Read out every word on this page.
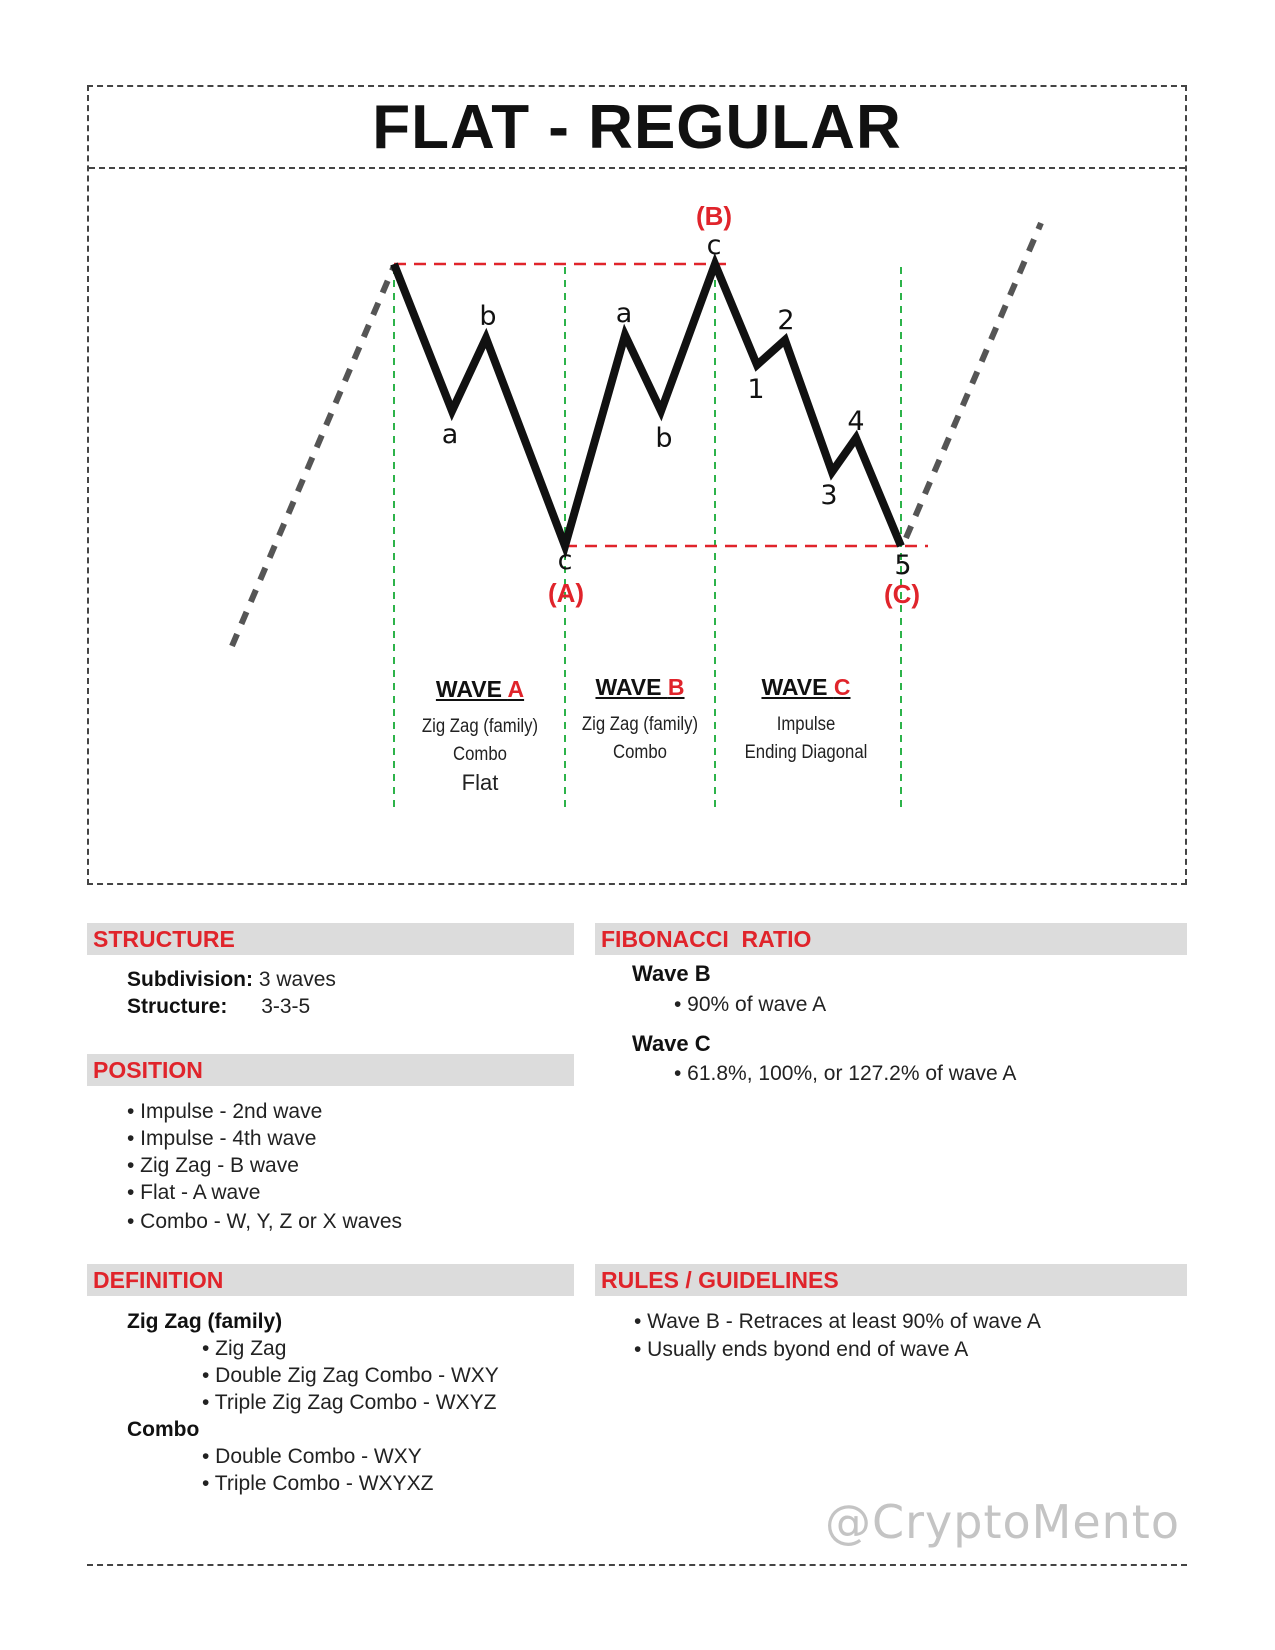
FLAT - REGULAR
(B)
c
a
b
c
(A)
a
b
1
2
3
4
5
(C)
WAVE A
Zig Zag (family)
Combo
Flat
WAVE B
Zig Zag (family)
Combo
WAVE C
Impulse
Ending Diagonal
STRUCTURE
Subdivision: 3 waves
Structure: 3-3-5
POSITION
• Impulse - 2nd wave
• Impulse - 4th wave
• Zig Zag - B wave
• Flat - A wave
• Combo - W, Y, Z or X waves
DEFINITION
Zig Zag (family)
• Zig Zag
• Double Zig Zag Combo - WXY
• Triple Zig Zag Combo - WXYZ
Combo
• Double Combo - WXY
• Triple Combo - WXYXZ
FIBONACCI  RATIO
Wave B
• 90% of wave A
Wave C
• 61.8%, 100%, or 127.2% of wave A
RULES / GUIDELINES
• Wave B - Retraces at least 90% of wave A
• Usually ends byond end of wave A
@CryptoMento
